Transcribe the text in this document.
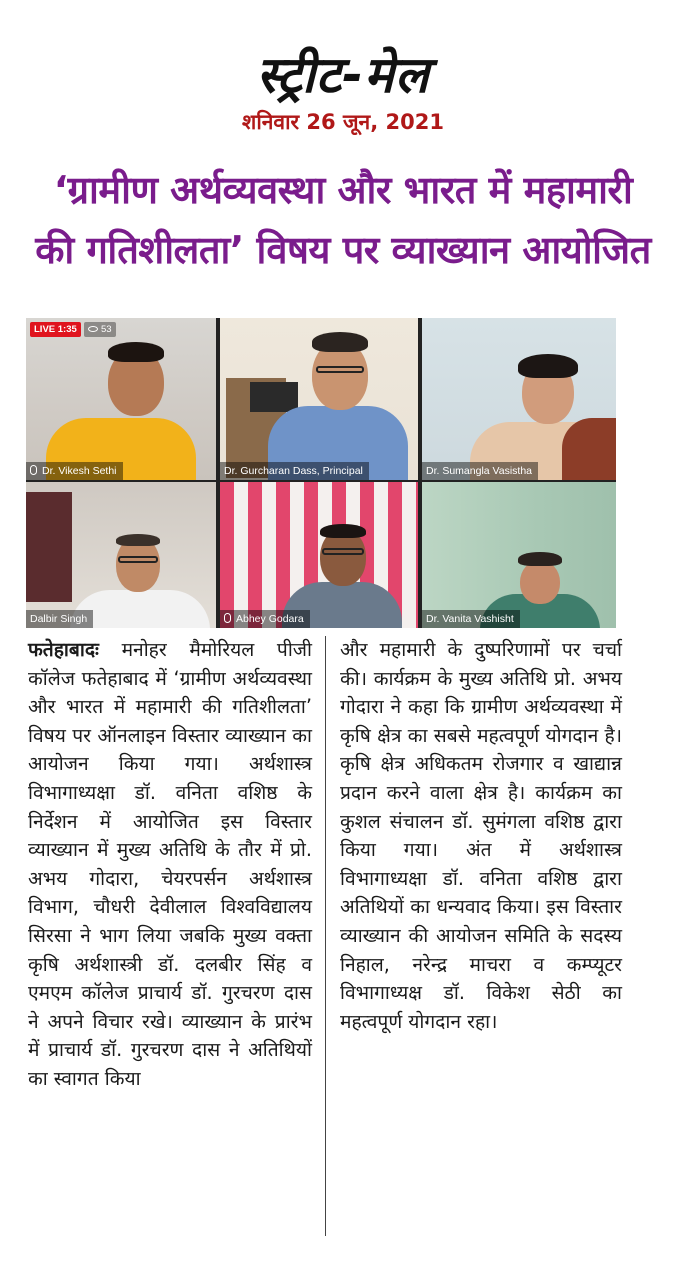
स्ट्रीट-मेल
शनिवार 26 जून, 2021
‘ग्रामीण अर्थव्यवस्था और भारत में महामारी
की गतिशीलता’ विषय पर व्याख्यान आयोजित
LIVE 1:35	53
Dr. Vikesh Sethi	Dr. Gurcharan Dass, Principal	Dr. Sumangla Vasistha
Dalbir Singh	Abhey Godara	Dr. Vanita Vashisht
फतेहाबादः मनोहर मैमोरियल पीजी कॉलेज फतेहाबाद में ‘ग्रामीण अर्थव्यवस्था और भारत में महामारी की गतिशीलता’ विषय पर ऑनलाइन विस्तार व्याख्यान का आयोजन किया गया। अर्थशास्त्र विभागाध्यक्षा डॉ. वनिता वशिष्ठ के निर्देशन में आयोजित इस विस्तार व्याख्यान में मुख्य अतिथि के तौर में प्रो. अभय गोदारा, चेयरपर्सन अर्थशास्त्र विभाग, चौधरी देवीलाल विश्वविद्यालय सिरसा ने भाग लिया जबकि मुख्य वक्ता कृषि अर्थशास्त्री डॉ. दलबीर सिंह व एमएम कॉलेज प्राचार्य डॉ. गुरचरण दास ने अपने विचार रखे। व्याख्यान के प्रारंभ में प्राचार्य डॉ. गुरचरण दास ने अतिथियों का स्वागत किया
और महामारी के दुष्परिणामों पर चर्चा की। कार्यक्रम के मुख्य अतिथि प्रो. अभय गोदारा ने कहा कि ग्रामीण अर्थव्यवस्था में कृषि क्षेत्र का सबसे महत्वपूर्ण योगदान है। कृषि क्षेत्र अधिकतम रोजगार व खाद्यान्न प्रदान करने वाला क्षेत्र है। कार्यक्रम का कुशल संचालन डॉ. सुमंगला वशिष्ठ द्वारा किया गया। अंत में अर्थशास्त्र विभागाध्यक्षा डॉ. वनिता वशिष्ठ द्वारा अतिथियों का धन्यवाद किया। इस विस्तार व्याख्यान की आयोजन समिति के सदस्य निहाल, नरेन्द्र माचरा व कम्प्यूटर विभागाध्यक्ष डॉ. विकेश सेठी का महत्वपूर्ण योगदान रहा।
